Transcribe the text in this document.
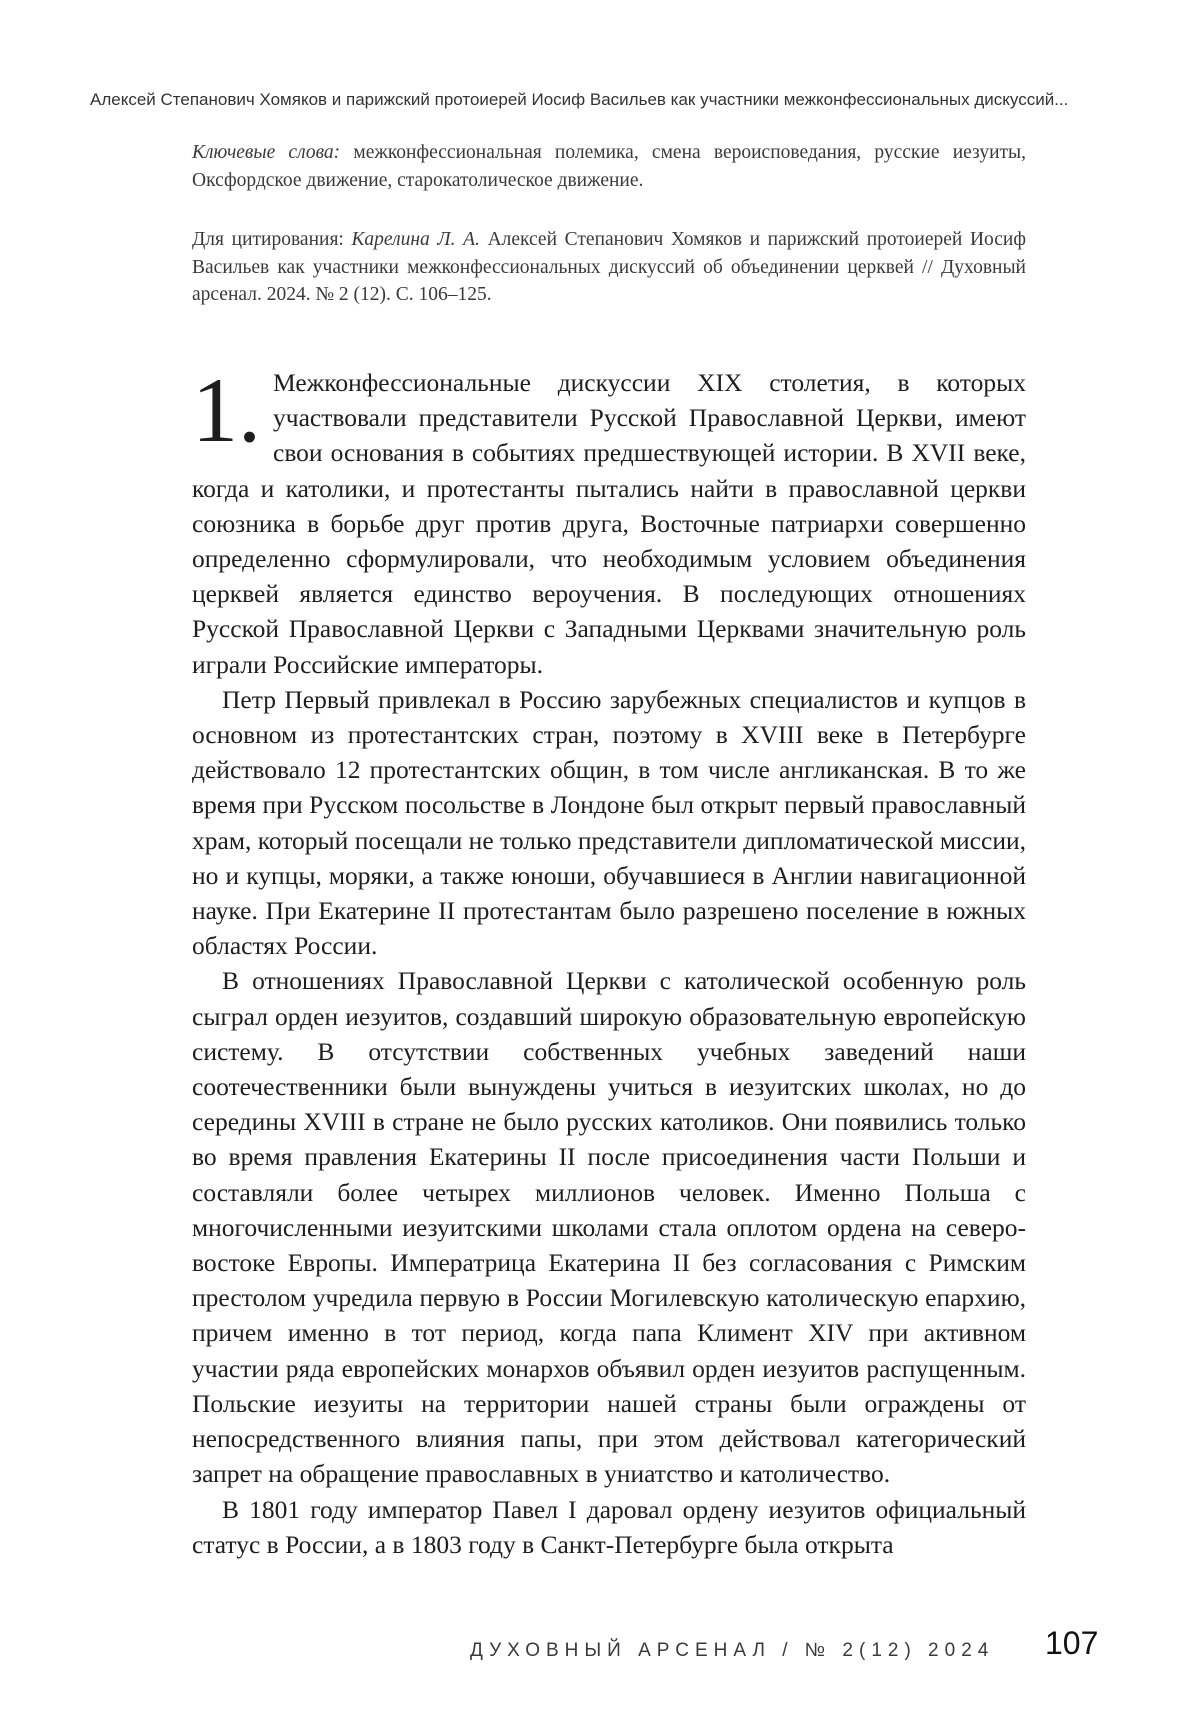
Алексей Степанович Хомяков и парижский протоиерей Иосиф Васильев как участники межконфессиональных дискуссий...
Ключевые слова: межконфессиональная полемика, смена вероисповедания, русские иезуиты, Оксфордское движение, старокатолическое движение.
Для цитирования: Карелина Л. А. Алексей Степанович Хомяков и парижский протоиерей Иосиф Васильев как участники межконфессиональных дискуссий об объединении церквей // Духовный арсенал. 2024. № 2 (12). С. 106–125.

1. Межконфессиональные дискуссии XIX столетия, в которых участвовали представители Русской Православной Церкви, имеют свои основания в событиях предшествующей истории. В XVII веке, когда и католики, и протестанты пытались найти в православной церкви союзника в борьбе друг против друга, Восточные патриархи совершенно определенно сформулировали, что необходимым условием объединения церквей является единство вероучения. В последующих отношениях Русской Православной Церкви с Западными Церквами значительную роль играли Российские императоры.

Петр Первый привлекал в Россию зарубежных специалистов и купцов в основном из протестантских стран, поэтому в XVIII веке в Петербурге действовало 12 протестантских общин, в том числе англиканская. В то же время при Русском посольстве в Лондоне был открыт первый православный храм, который посещали не только представители дипломатической миссии, но и купцы, моряки, а также юноши, обучавшиеся в Англии навигационной науке. При Екатерине II протестантам было разрешено поселение в южных областях России.

В отношениях Православной Церкви с католической особенную роль сыграл орден иезуитов, создавший широкую образовательную европейскую систему. В отсутствии собственных учебных заведений наши соотечественники были вынуждены учиться в иезуитских школах, но до середины XVIII в стране не было русских католиков. Они появились только во время правления Екатерины II после присоединения части Польши и составляли более четырех миллионов человек. Именно Польша с многочисленными иезуитскими школами стала оплотом ордена на северо-востоке Европы. Императрица Екатерина II без согласования с Римским престолом учредила первую в России Могилевскую католическую епархию, причем именно в тот период, когда папа Климент XIV при активном участии ряда европейских монархов объявил орден иезуитов распущенным. Польские иезуиты на территории нашей страны были ограждены от непосредственного влияния папы, при этом действовал категорический запрет на обращение православных в униатство и католичество.

В 1801 году император Павел I даровал ордену иезуитов официальный статус в России, а в 1803 году в Санкт-Петербурге была открыта

ДУХОВНЫЙ АРСЕНАЛ / № 2(12) 2024 107
